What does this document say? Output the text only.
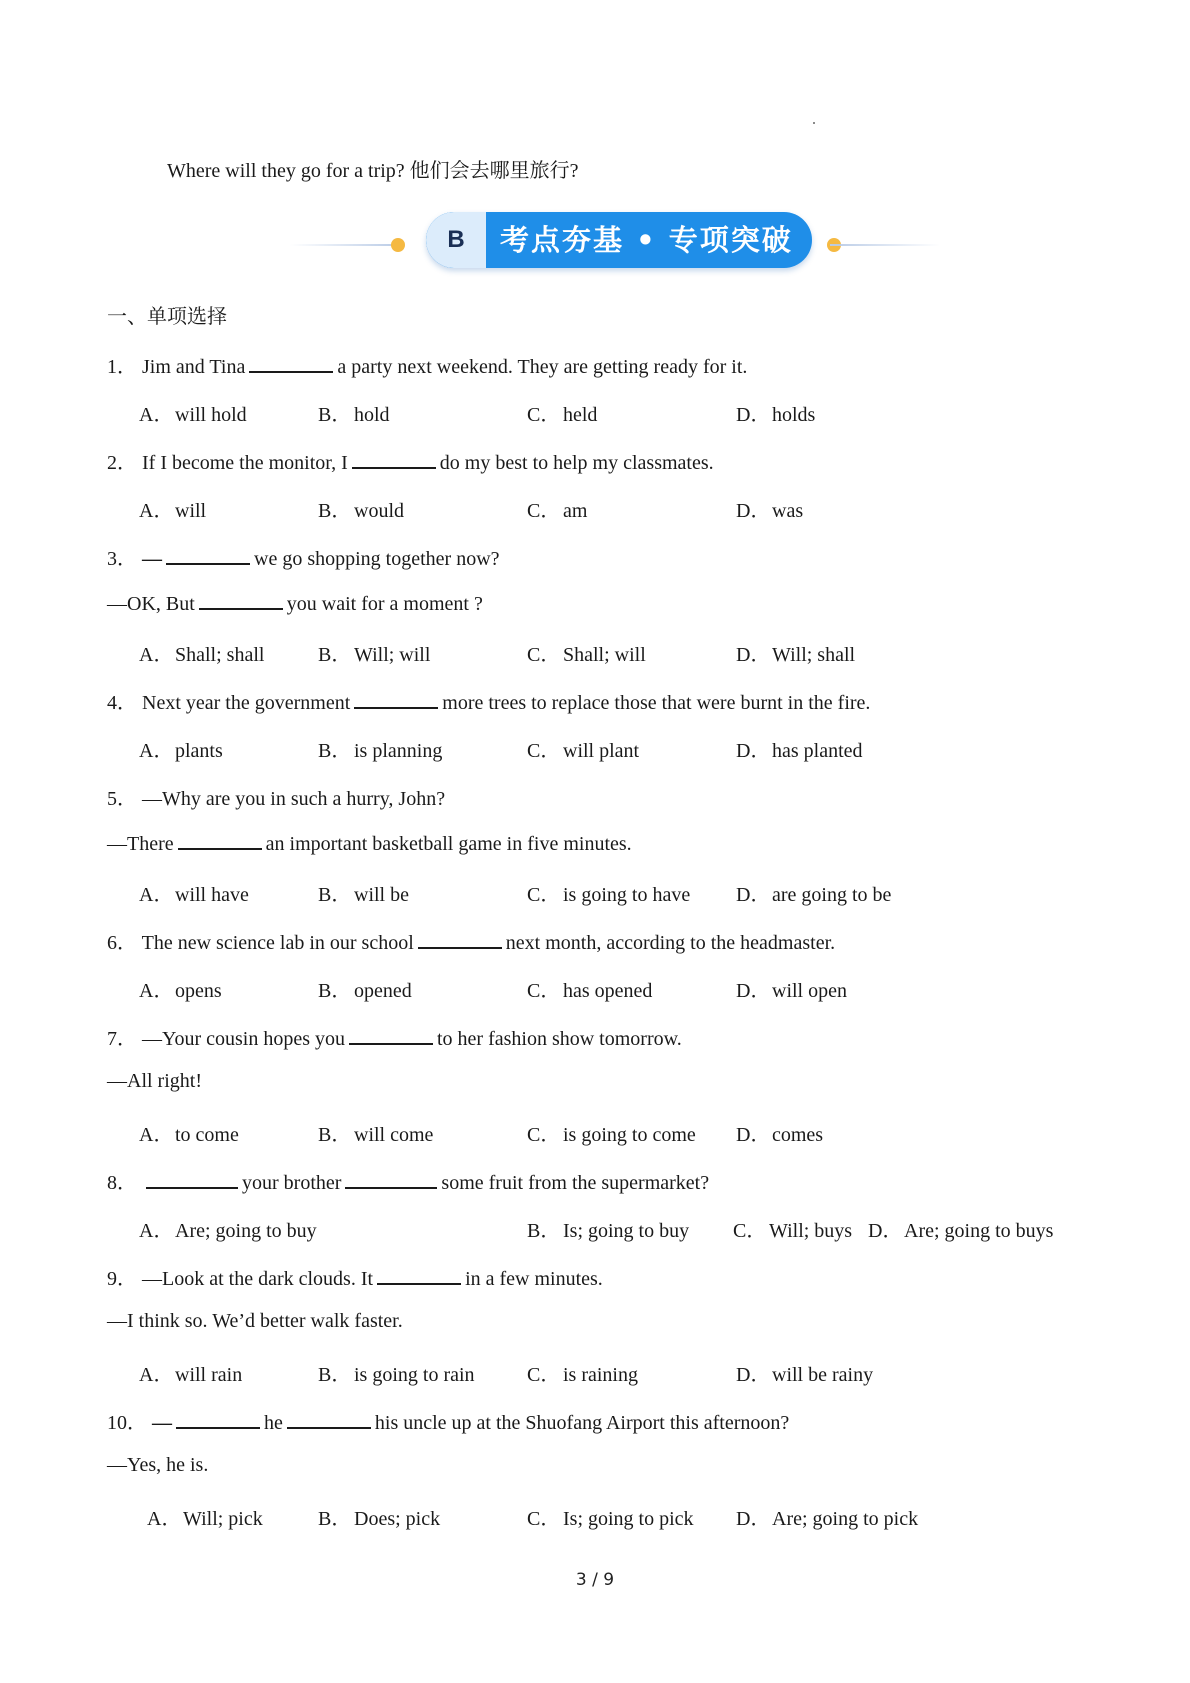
Where will they go for a trip? 他们会去哪里旅行?
B	考点夯基 • 专项突破
一、单项选择
1． Jim and Tina	a party next weekend. They are getting ready for it.
A．will hold	B． hold	C． held	D．holds
2． If I become the monitor, I	do my best to help my classmates.
A．will	B． would	C． am	D．was
3． —	we go shopping together now?
—OK, But	you wait for a moment ?
A．Shall; shall	B． Will; will	C． Shall; will	D．Will; shall
4． Next year the government	more trees to replace those that were burnt in the fire.
A．plants	B． is planning	C． will plant	D．has planted
5． —Why are you in such a hurry, John?
—There	an important basketball game in five minutes.
A．will have	B． will be	C． is going to have D．are going to be
6． The new science lab in our school	next month, according to the headmaster.
A．opens	B． opened	C． has opened	D．will open
7． —Your cousin hopes you	to her fashion show tomorrow.
—All right!
A．to come	B． will come	C． is going to come D．comes
8．	your brother	some fruit from the supermarket?
A．Are; going to buy	B． Is; going to buy C． Will; buys D．Are; going to buys
9． —Look at the dark clouds. It	in a few minutes.
—I think so. We’d better walk faster.
A．will rain	B． is going to rain	C． is raining	D．will be rainy
10． —	he	his uncle up at the Shuofang Airport this afternoon?
—Yes, he is.
A．Will; pick	B． Does; pick	C． Is; going to pick D．Are; going to pick
3 / 9
